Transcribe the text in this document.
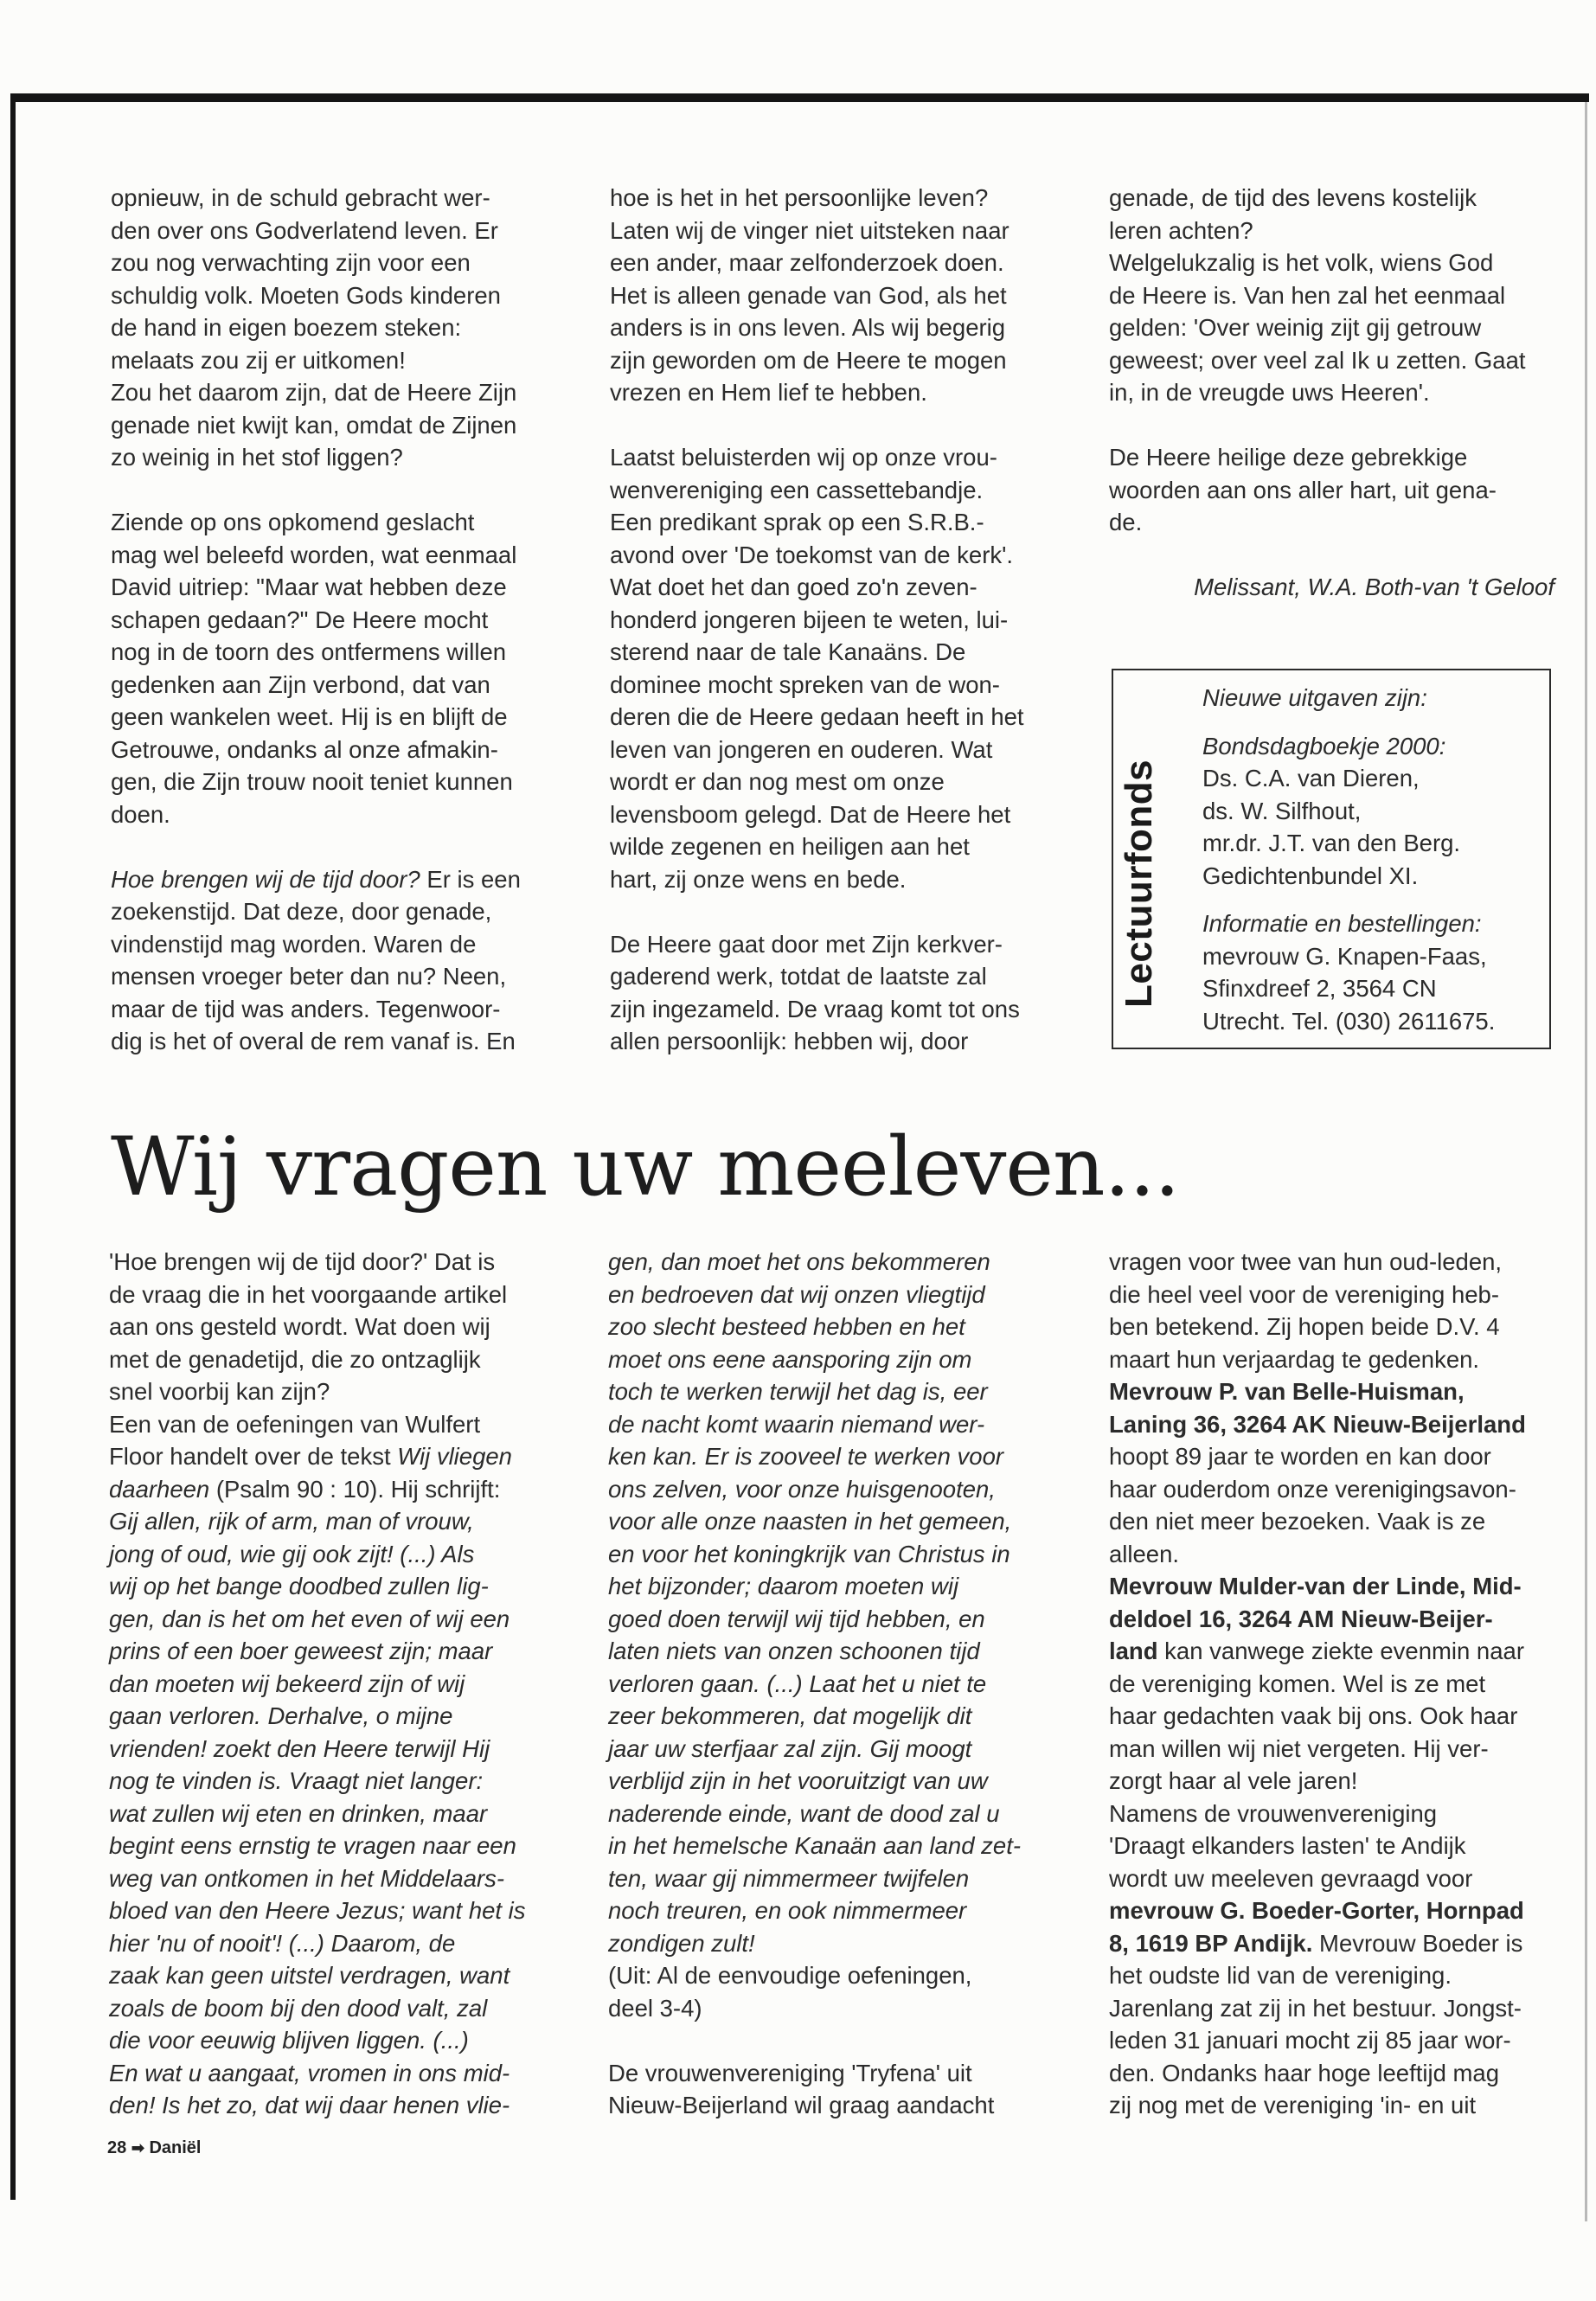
opnieuw, in de schuld gebracht wer-

den over ons Godverlatend leven. Er

zou nog verwachting zijn voor een

schuldig volk. Moeten Gods kinderen

de hand in eigen boezem steken:

melaats zou zij er uitkomen!

Zou het daarom zijn, dat de Heere Zijn

genade niet kwijt kan, omdat de Zijnen

zo weinig in het stof liggen?

Ziende op ons opkomend geslacht

mag wel beleefd worden, wat eenmaal

David uitriep: "Maar wat hebben deze

schapen gedaan?" De Heere mocht

nog in de toorn des ontfermens willen

gedenken aan Zijn verbond, dat van

geen wankelen weet. Hij is en blijft de

Getrouwe, ondanks al onze afmakin-

gen, die Zijn trouw nooit teniet kunnen

doen.

Hoe brengen wij de tijd door? Er is een

zoekenstijd. Dat deze, door genade,

vindenstijd mag worden. Waren de

mensen vroeger beter dan nu? Neen,

maar de tijd was anders. Tegenwoor-

dig is het of overal de rem vanaf is. En

hoe is het in het persoonlijke leven?

Laten wij de vinger niet uitsteken naar

een ander, maar zelfonderzoek doen.

Het is alleen genade van God, als het

anders is in ons leven. Als wij begerig

zijn geworden om de Heere te mogen

vrezen en Hem lief te hebben.

Laatst beluisterden wij op onze vrou-

wenvereniging een cassettebandje.

Een predikant sprak op een S.R.B.-

avond over 'De toekomst van de kerk'.

Wat doet het dan goed zo'n zeven-

honderd jongeren bijeen te weten, lui-

sterend naar de tale Kanaäns. De

dominee mocht spreken van de won-

deren die de Heere gedaan heeft in het

leven van jongeren en ouderen. Wat

wordt er dan nog mest om onze

levensboom gelegd. Dat de Heere het

wilde zegenen en heiligen aan het

hart, zij onze wens en bede.

De Heere gaat door met Zijn kerkver-

gaderend werk, totdat de laatste zal

zijn ingezameld. De vraag komt tot ons

allen persoonlijk: hebben wij, door

genade, de tijd des levens kostelijk

leren achten?

Welgelukzalig is het volk, wiens God

de Heere is. Van hen zal het eenmaal

gelden: 'Over weinig zijt gij getrouw

geweest; over veel zal Ik u zetten. Gaat

in, in de vreugde uws Heeren'.

De Heere heilige deze gebrekkige

woorden aan ons aller hart, uit gena-

de.

Melissant, W.A. Both-van 't Geloof

Lectuurfonds

Nieuwe uitgaven zijn:

Bondsdagboekje 2000:

Ds. C.A. van Dieren,

ds. W. Silfhout,

mr.dr. J.T. van den Berg.

Gedichtenbundel XI.

Informatie en bestellingen:

mevrouw G. Knapen-Faas,

Sfinxdreef 2, 3564 CN

Utrecht. Tel. (030) 2611675.

Wij vragen uw meeleven...

'Hoe brengen wij de tijd door?' Dat is

de vraag die in het voorgaande artikel

aan ons gesteld wordt. Wat doen wij

met de genadetijd, die zo ontzaglijk

snel voorbij kan zijn?

Een van de oefeningen van Wulfert

Floor handelt over de tekst Wij vliegen

daarheen (Psalm 90 : 10). Hij schrijft:

Gij allen, rijk of arm, man of vrouw,

jong of oud, wie gij ook zijt! (...) Als

wij op het bange doodbed zullen lig-

gen, dan is het om het even of wij een

prins of een boer geweest zijn; maar

dan moeten wij bekeerd zijn of wij

gaan verloren. Derhalve, o mijne

vrienden! zoekt den Heere terwijl Hij

nog te vinden is. Vraagt niet langer:

wat zullen wij eten en drinken, maar

begint eens ernstig te vragen naar een

weg van ontkomen in het Middelaars-

bloed van den Heere Jezus; want het is

hier 'nu of nooit'! (...) Daarom, de

zaak kan geen uitstel verdragen, want

zoals de boom bij den dood valt, zal

die voor eeuwig blijven liggen. (...)

En wat u aangaat, vromen in ons mid-

den! Is het zo, dat wij daar henen vlie-

gen, dan moet het ons bekommeren

en bedroeven dat wij onzen vliegtijd

zoo slecht besteed hebben en het

moet ons eene aansporing zijn om

toch te werken terwijl het dag is, eer

de nacht komt waarin niemand wer-

ken kan. Er is zooveel te werken voor

ons zelven, voor onze huisgenooten,

voor alle onze naasten in het gemeen,

en voor het koningkrijk van Christus in

het bijzonder; daarom moeten wij

goed doen terwijl wij tijd hebben, en

laten niets van onzen schoonen tijd

verloren gaan. (...) Laat het u niet te

zeer bekommeren, dat mogelijk dit

jaar uw sterfjaar zal zijn. Gij moogt

verblijd zijn in het vooruitzigt van uw

naderende einde, want de dood zal u

in het hemelsche Kanaän aan land zet-

ten, waar gij nimmermeer twijfelen

noch treuren, en ook nimmermeer

zondigen zult!

(Uit: Al de eenvoudige oefeningen,

deel 3-4)

De vrouwenvereniging 'Tryfena' uit

Nieuw-Beijerland wil graag aandacht

vragen voor twee van hun oud-leden,

die heel veel voor de vereniging heb-

ben betekend. Zij hopen beide D.V. 4

maart hun verjaardag te gedenken.

Mevrouw P. van Belle-Huisman,

Laning 36, 3264 AK Nieuw-Beijerland

hoopt 89 jaar te worden en kan door

haar ouderdom onze verenigingsavon-

den niet meer bezoeken. Vaak is ze

alleen.

Mevrouw Mulder-van der Linde, Mid-

deldoel 16, 3264 AM Nieuw-Beijer-

land kan vanwege ziekte evenmin naar

de vereniging komen. Wel is ze met

haar gedachten vaak bij ons. Ook haar

man willen wij niet vergeten. Hij ver-

zorgt haar al vele jaren!

Namens de vrouwenvereniging

'Draagt elkanders lasten' te Andijk

wordt uw meeleven gevraagd voor

mevrouw G. Boeder-Gorter, Hornpad

8, 1619 BP Andijk. Mevrouw Boeder is

het oudste lid van de vereniging.

Jarenlang zat zij in het bestuur. Jongst-

leden 31 januari mocht zij 85 jaar wor-

den. Ondanks haar hoge leeftijd mag

zij nog met de vereniging 'in- en uit

28 ➡ Daniël
